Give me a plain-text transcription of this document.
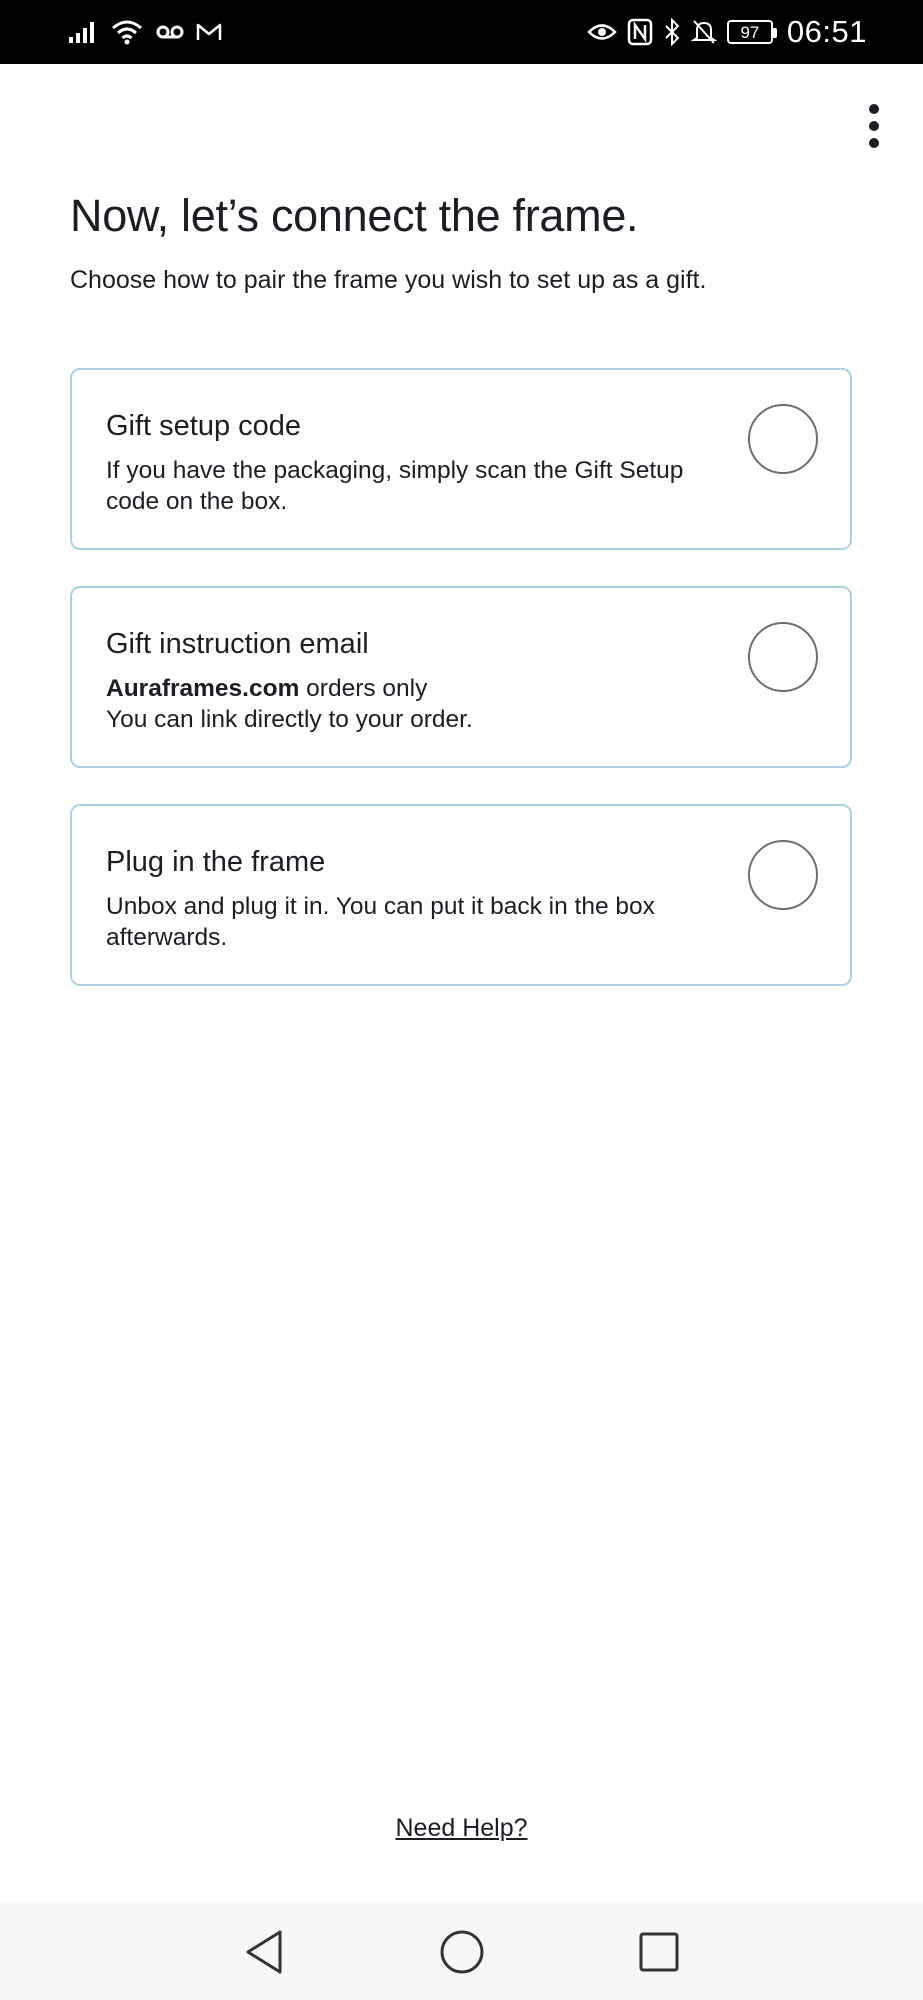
97 06:51
Now, let’s connect the frame.

Choose how to pair the frame you wish to set up as a gift.

Gift setup code
If you have the packaging, simply scan the Gift Setup code on the box.
Gift instruction email
Auraframes.com orders only
You can link directly to your order.
Plug in the frame
Unbox and plug it in. You can put it back in the box afterwards.
Need Help?
